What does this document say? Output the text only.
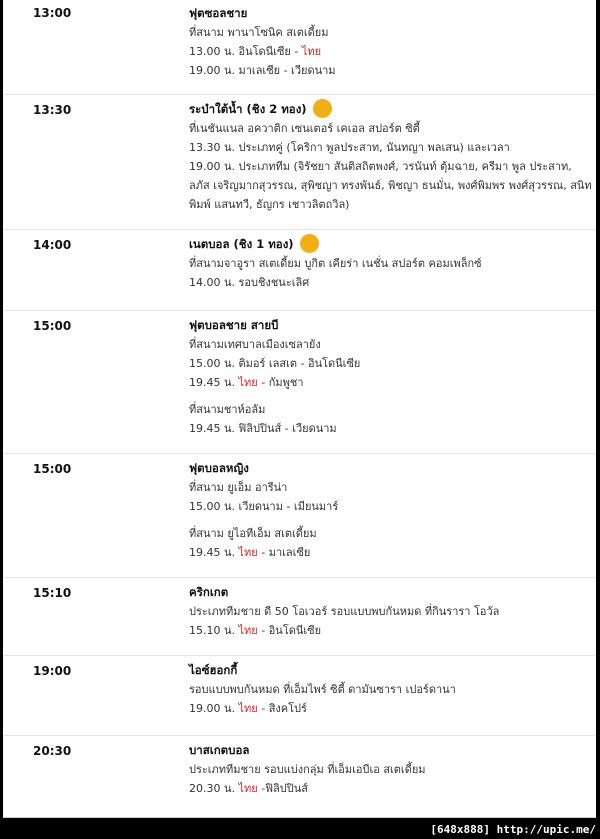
13:00	ฟุตซอลชาย
ที่สนาม พานาโซนิค สเตเดี้ยม
13.00 น. อินโดนีเซีย - ไทย
19.00 น. มาเลเซีย - เวียดนาม
13:30	ระบำใต้น้ำ (ชิง 2 ทอง)
ที่เนชันแนล อควาติก เซนเตอร์ เคเอล สปอร์ต ซิตี้
13.30 น. ประเภทคู่ (โคริกา พูลประสาท, นันทญา พลเสน) และเวลา
19.00 น. ประเภททีม (จิรัชยา สันติสถิตพงศ์, วรนันท์ ตุ้มฉาย, ครีมา พูล ประสาท, ลภัส เจริญมากสุวรรณ, สุพิชญา ทรงพันธ์, พิชญา ธนมั่น, พงศ์พิมพร พงศ์สุวรรณ, สนิทพิมพ์ แสนทวี, ธัญกร เชาวลิตถวิล)
14:00	เนตบอล (ชิง 1 ทอง)
ที่สนามจาอูรา สเตเดี้ยม บูกิต เคียร่า เนชั่น สปอร์ต คอมเพล็กซ์
14.00 น. รอบชิงชนะเลิศ
15:00	ฟุตบอลชาย สายบี
ที่สนามเทศบาลเมืองเซลายัง
15.00 น. ติมอร์ เลสเต - อินโดนีเซีย
19.45 น. ไทย - กัมพูชา
ที่สนามชาห์อลัม
19.45 น. ฟิลิปปินส์ - เวียดนาม
15:00	ฟุตบอลหญิง
ที่สนาม ยูเอ็ม อารีน่า
15.00 น. เวียดนาม - เมียนมาร์
ที่สนาม ยูไอทีเอ็ม สเตเดี้ยม
19.45 น. ไทย - มาเลเซีย
15:10	คริกเกต
ประเภททีมชาย ดี 50 โอเวอร์ รอบแบบพบกันหมด ที่กินรารา โอวัล
15.10 น. ไทย - อินโดนีเซีย
19:00	ไอซ์ฮอกกี้
รอบแบบพบกันหมด ที่เอ็มไพร์ ซิตี้ ดามันซารา เปอร์ดานา
19.00 น. ไทย - สิงคโปร์
20:30	บาสเกตบอล
ประเภททีมชาย รอบแบ่งกลุ่ม ที่เอ็มเอบีเอ สเตเดี้ยม
20.30 น. ไทย -ฟิลิปปินส์
[648x888] http://upic.me/
